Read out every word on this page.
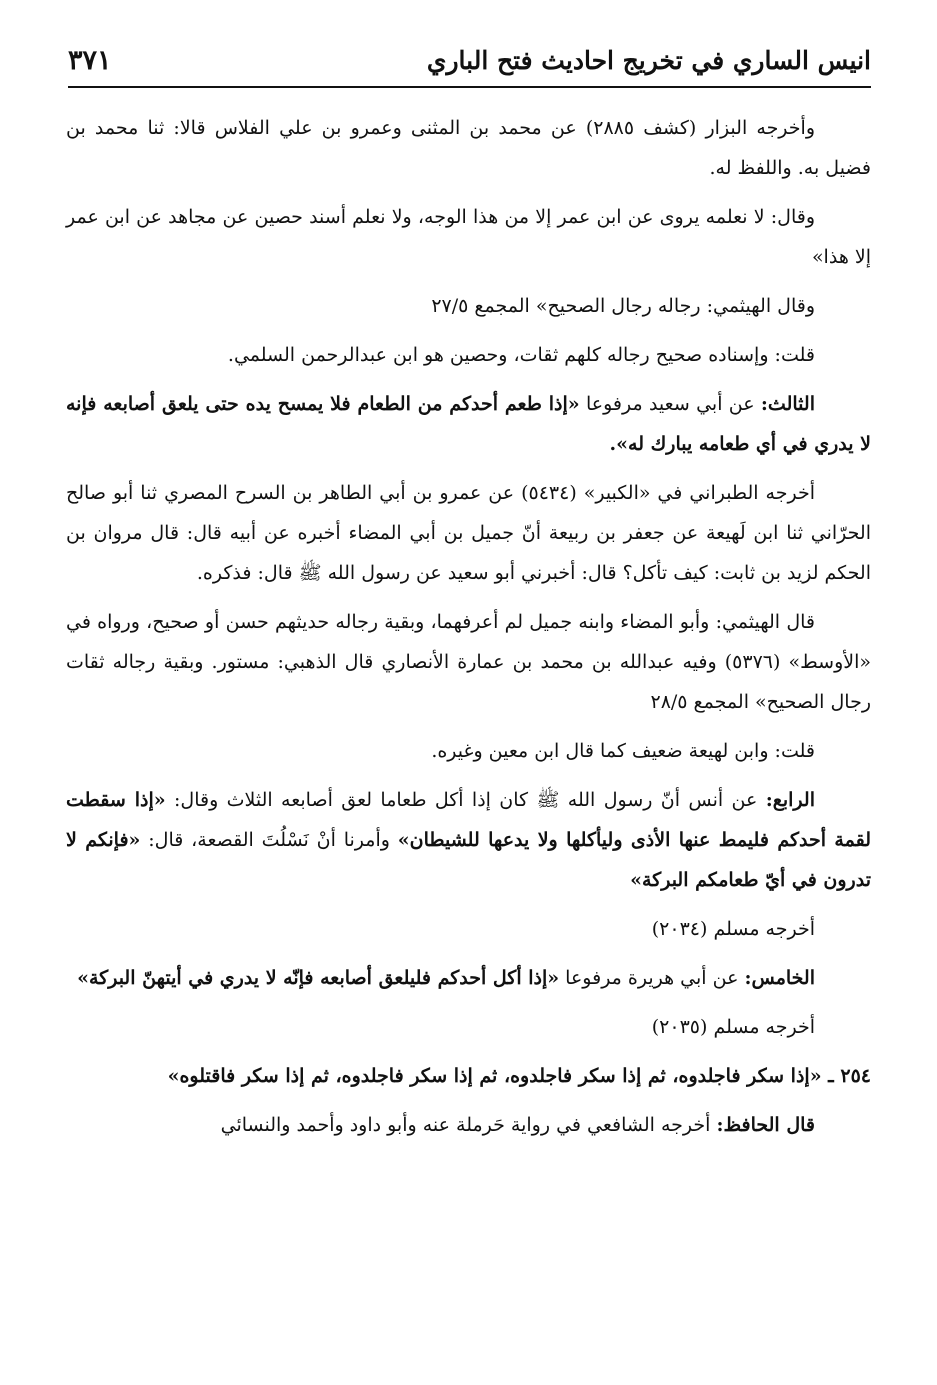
انيس الساري في تخريج احاديث فتح الباري
٣٧١

وأخرجه البزار (كشف ٢٨٨٥) عن محمد بن المثنى وعمرو بن علي الفلاس قالا: ثنا محمد بن فضيل به. واللفظ له.

وقال: لا نعلمه يروى عن ابن عمر إلا من هذا الوجه، ولا نعلم أسند حصين عن مجاهد عن ابن عمر إلا هذا»

وقال الهيثمي: رجاله رجال الصحيح» المجمع ٢٧/٥

قلت: وإسناده صحيح رجاله كلهم ثقات، وحصين هو ابن عبدالرحمن السلمي.

الثالث: عن أبي سعيد مرفوعا «إذا طعم أحدكم من الطعام فلا يمسح يده حتى يلعق أصابعه فإنه لا يدري في أي طعامه يبارك له».

أخرجه الطبراني في «الكبير» (٥٤٣٤) عن عمرو بن أبي الطاهر بن السرح المصري ثنا أبو صالح الحرّاني ثنا ابن لَهيعة عن جعفر بن ربيعة أنّ جميل بن أبي المضاء أخبره عن أبيه قال: قال مروان بن الحكم لزيد بن ثابت: كيف تأكل؟ قال: أخبرني أبو سعيد عن رسول الله ﷺ قال: فذكره.

قال الهيثمي: وأبو المضاء وابنه جميل لم أعرفهما، وبقية رجاله حديثهم حسن أو صحيح، ورواه في «الأوسط» (٥٣٧٦) وفيه عبدالله بن محمد بن عمارة الأنصاري قال الذهبي: مستور. وبقية رجاله ثقات رجال الصحيح» المجمع ٢٨/٥

قلت: وابن لهيعة ضعيف كما قال ابن معين وغيره.

الرابع: عن أنس أنّ رسول الله ﷺ كان إذا أكل طعاما لعق أصابعه الثلاث وقال: «إذا سقطت لقمة أحدكم فليمط عنها الأذى وليأكلها ولا يدعها للشيطان» وأمرنا أنْ نَسْلُتَ القصعة، قال: «فإنكم لا تدرون في أيّ طعامكم البركة»

أخرجه مسلم (٢٠٣٤)

الخامس: عن أبي هريرة مرفوعا «إذا أكل أحدكم فليلعق أصابعه فإنّه لا يدري في أيتهنّ البركة»

أخرجه مسلم (٢٠٣٥)

٢٥٤ ـ «إذا سكر فاجلدوه، ثم إذا سكر فاجلدوه، ثم إذا سكر فاجلدوه، ثم إذا سكر فاقتلوه»

قال الحافظ: أخرجه الشافعي في رواية حَرملة عنه وأبو داود وأحمد والنسائي
